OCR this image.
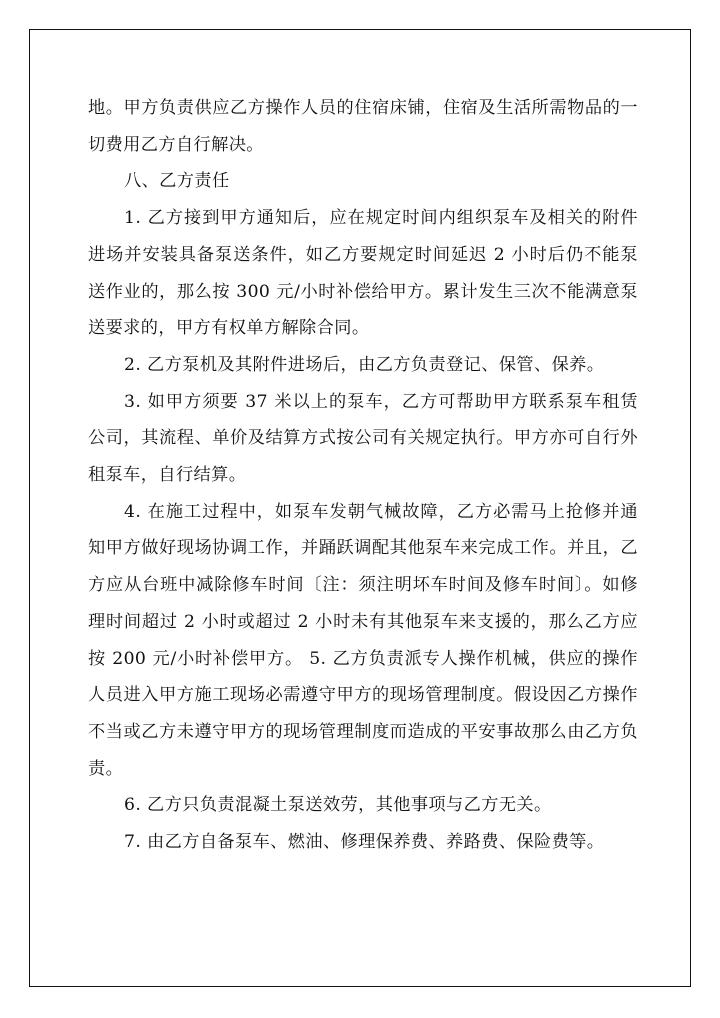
地。甲方负责供应乙方操作人员的住宿床铺，住宿及生活所需物品的一切费用乙方自行解决。

八、乙方责任

1. 乙方接到甲方通知后，应在规定时间内组织泵车及相关的附件进场并安装具备泵送条件，如乙方要规定时间延迟 2 小时后仍不能泵送作业的，那么按 300 元/小时补偿给甲方。累计发生三次不能满意泵送要求的，甲方有权单方解除合同。

2. 乙方泵机及其附件进场后，由乙方负责登记、保管、保养。

3. 如甲方须要 37 米以上的泵车，乙方可帮助甲方联系泵车租赁公司，其流程、单价及结算方式按公司有关规定执行。甲方亦可自行外租泵车，自行结算。

4. 在施工过程中，如泵车发朝气械故障，乙方必需马上抢修并通知甲方做好现场协调工作，并踊跃调配其他泵车来完成工作。并且，乙方应从台班中减除修车时间〔注：须注明坏车时间及修车时间〕。如修理时间超过 2 小时或超过 2 小时未有其他泵车来支援的，那么乙方应按 200 元/小时补偿甲方。 5. 乙方负责派专人操作机械，供应的操作人员进入甲方施工现场必需遵守甲方的现场管理制度。假设因乙方操作不当或乙方未遵守甲方的现场管理制度而造成的平安事故那么由乙方负责。

6. 乙方只负责混凝土泵送效劳，其他事项与乙方无关。

7. 由乙方自备泵车、燃油、修理保养费、养路费、保险费等。
